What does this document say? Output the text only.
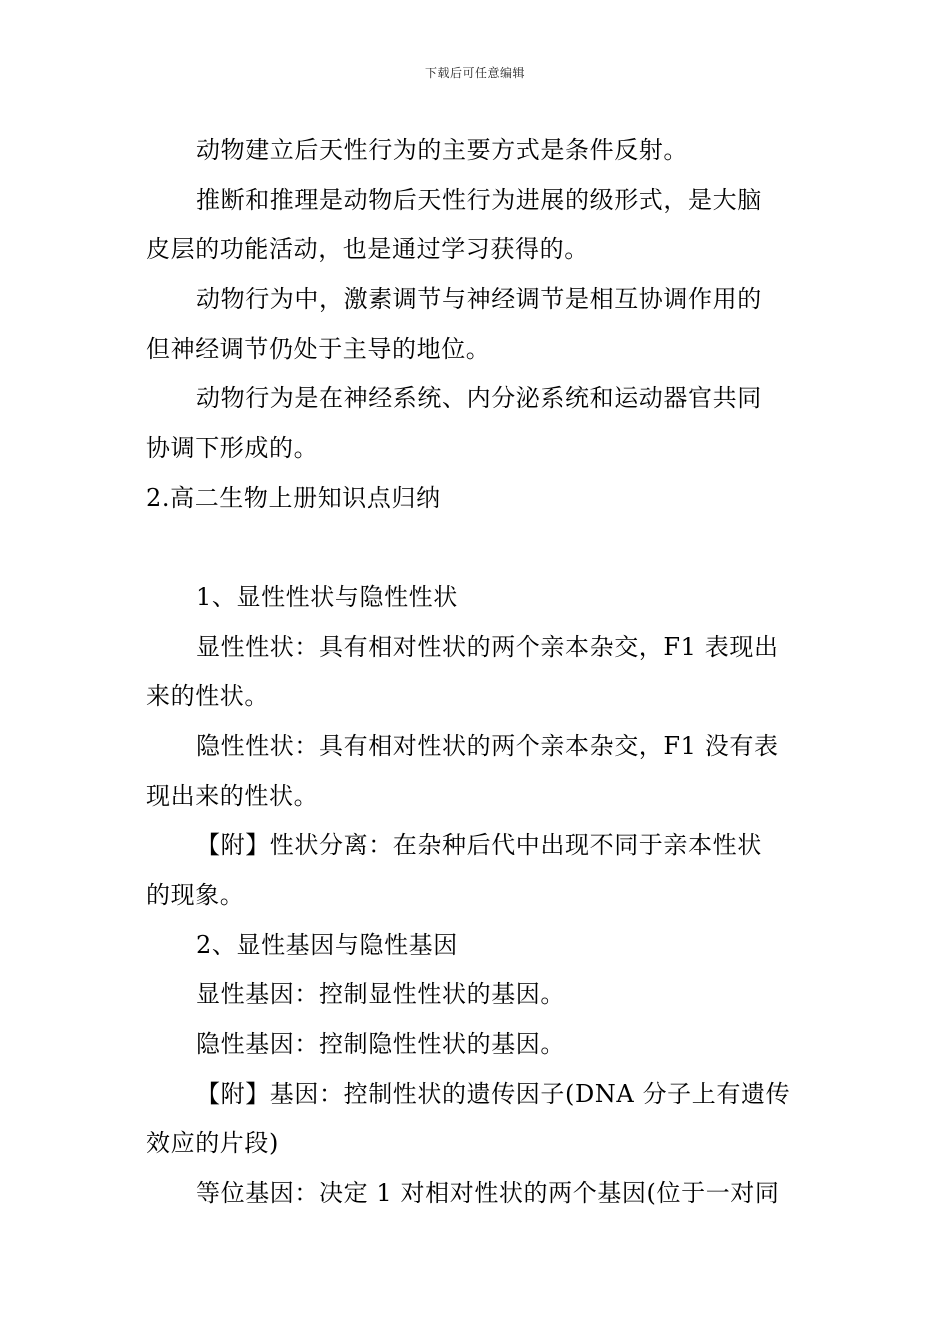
下载后可任意编辑
动物建立后天性行为的主要方式是条件反射。
推断和推理是动物后天性行为进展的级形式，是大脑
皮层的功能活动，也是通过学习获得的。
动物行为中，激素调节与神经调节是相互协调作用的
但神经调节仍处于主导的地位。
动物行为是在神经系统、内分泌系统和运动器官共同
协调下形成的。
2.高二生物上册知识点归纳
1、显性性状与隐性性状
显性性状：具有相对性状的两个亲本杂交，F1 表现出
来的性状。
隐性性状：具有相对性状的两个亲本杂交，F1 没有表
现出来的性状。
【附】性状分离：在杂种后代中出现不同于亲本性状
的现象。
2、显性基因与隐性基因
显性基因：控制显性性状的基因。
隐性基因：控制隐性性状的基因。
【附】基因：控制性状的遗传因子(DNA 分子上有遗传
效应的片段)
等位基因：决定 1 对相对性状的两个基因(位于一对同
